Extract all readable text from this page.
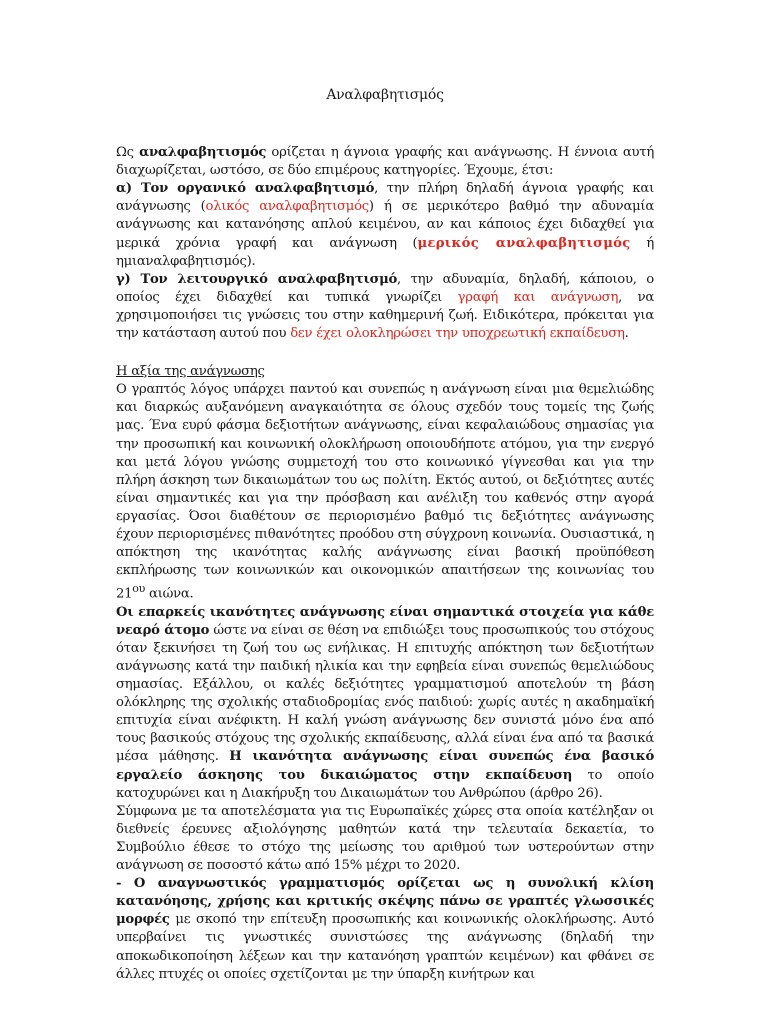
Αναλφαβητισμός

Ως αναλφαβητισμός ορίζεται η άγνοια γραφής και ανάγνωσης. Η έννοια αυτή διαχωρίζεται, ωστόσο, σε δύο επιμέρους κατηγορίες. Έχουμε, έτσι:

α) Τον οργανικό αναλφαβητισμό, την πλήρη δηλαδή άγνοια γραφής και ανάγνωσης (ολικός αναλφαβητισμός) ή σε μερικότερο βαθμό την αδυναμία ανάγνωσης και κατανόησης απλού κειμένου, αν και κάποιος έχει διδαχθεί για μερικά χρόνια γραφή και ανάγνωση (μερικός αναλφαβητισμός ή ημιαναλφαβητισμός).

γ) Τον λειτουργικό αναλφαβητισμό, την αδυναμία, δηλαδή, κάποιου, ο οποίος έχει διδαχθεί και τυπικά γνωρίζει γραφή και ανάγνωση, να χρησιμοποιήσει τις γνώσεις του στην καθημερινή ζωή. Ειδικότερα, πρόκειται για την κατάσταση αυτού που δεν έχει ολοκληρώσει την υποχρεωτική εκπαίδευση.

Η αξία της ανάγνωσης

Ο γραπτός λόγος υπάρχει παντού και συνεπώς η ανάγνωση είναι μια θεμελιώδης και διαρκώς αυξανόμενη αναγκαιότητα σε όλους σχεδόν τους τομείς της ζωής μας. Ένα ευρύ φάσμα δεξιοτήτων ανάγνωσης, είναι κεφαλαιώδους σημασίας για την προσωπική και κοινωνική ολοκλήρωση οποιουδήποτε ατόμου, για την ενεργό και μετά λόγου γνώσης συμμετοχή του στο κοινωνικό γίγνεσθαι και για την πλήρη άσκηση των δικαιωμάτων του ως πολίτη. Εκτός αυτού, οι δεξιότητες αυτές είναι σημαντικές και για την πρόσβαση και ανέλιξη του καθενός στην αγορά εργασίας. Όσοι διαθέτουν σε περιορισμένο βαθμό τις δεξιότητες ανάγνωσης έχουν περιορισμένες πιθανότητες προόδου στη σύγχρονη κοινωνία. Ουσιαστικά, η απόκτηση της ικανότητας καλής ανάγνωσης είναι βασική προϋπόθεση εκπλήρωσης των κοινωνικών και οικονομικών απαιτήσεων της κοινωνίας του $21^{o\upsilon}$ αιώνα.

Οι επαρκείς ικανότητες ανάγνωσης είναι σημαντικά στοιχεία για κάθε νεαρό άτομο ώστε να είναι σε θέση να επιδιώξει τους προσωπικούς του στόχους όταν ξεκινήσει τη ζωή του ως ενήλικας. Η επιτυχής απόκτηση των δεξιοτήτων ανάγνωσης κατά την παιδική ηλικία και την εφηβεία είναι συνεπώς θεμελιώδους σημασίας. Εξάλλου, οι καλές δεξιότητες γραμματισμού αποτελούν τη βάση ολόκληρης της σχολικής σταδιοδρομίας ενός παιδιού: χωρίς αυτές η ακαδημαϊκή επιτυχία είναι ανέφικτη. Η καλή γνώση ανάγνωσης δεν συνιστά μόνο ένα από τους βασικούς στόχους της σχολικής εκπαίδευσης, αλλά είναι ένα από τα βασικά μέσα μάθησης. Η ικανότητα ανάγνωσης είναι συνεπώς ένα βασικό εργαλείο άσκησης του δικαιώματος στην εκπαίδευση το οποίο κατοχυρώνει και η Διακήρυξη του Δικαιωμάτων του Ανθρώπου (άρθρο 26).

Σύμφωνα με τα αποτελέσματα για τις Ευρωπαϊκές χώρες στα οποία κατέληξαν οι διεθνείς έρευνες αξιολόγησης μαθητών κατά την τελευταία δεκαετία, το Συμβούλιο έθεσε το στόχο της μείωσης του αριθμού των υστερούντων στην ανάγνωση σε ποσοστό κάτω από 15% μέχρι το 2020.

- Ο αναγνωστικός γραμματισμός ορίζεται ως η συνολική κλίση κατανόησης, χρήσης και κριτικής σκέψης πάνω σε γραπτές γλωσσικές μορφές με σκοπό την επίτευξη προσωπικής και κοινωνικής ολοκλήρωσης. Αυτό υπερβαίνει τις γνωστικές συνιστώσες της ανάγνωσης (δηλαδή την αποκωδικοποίηση λέξεων και την κατανόηση γραπτών κειμένων) και φθάνει σε άλλες πτυχές οι οποίες σχετίζονται με την ύπαρξη κινήτρων και
